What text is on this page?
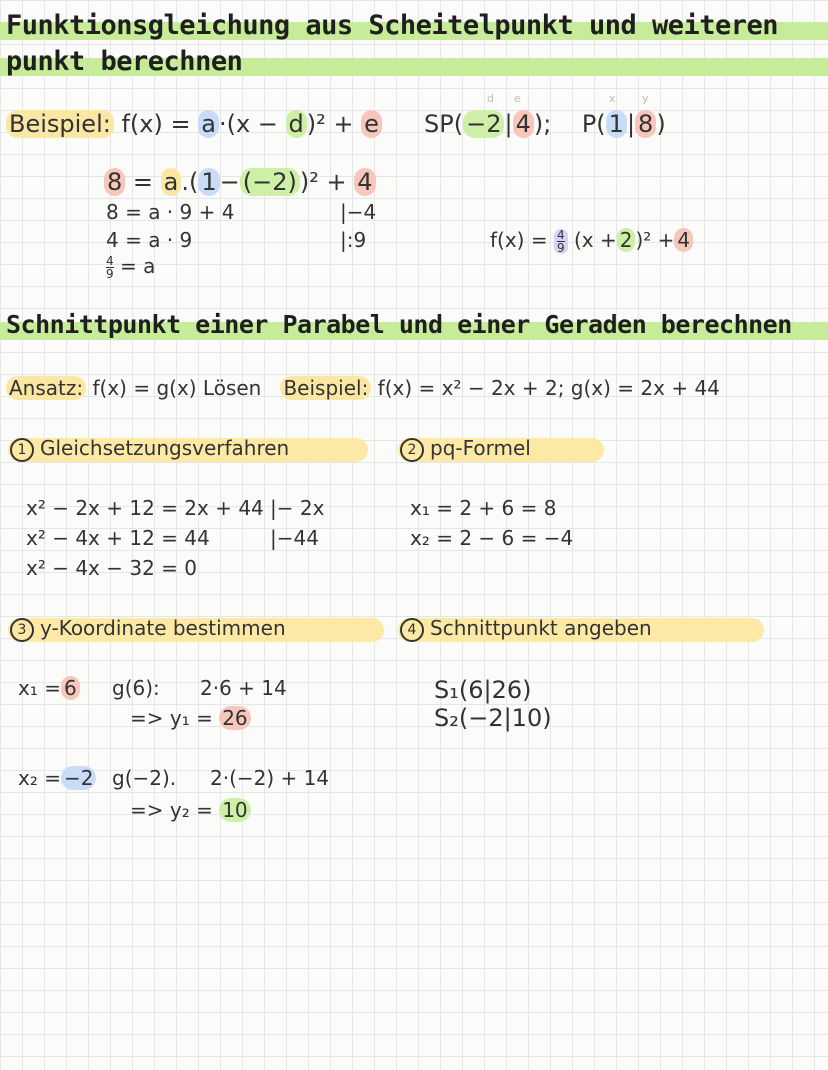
Funktionsgleichung aus Scheitelpunkt und weiteren
punkt berechnen
Beispiel: f(x) = a ·(x − d )² + e
d e	x y
SP( −2 | 4 ); P( 1 | 8 )
8 = a .( 1 − (−2) )² + 4
8 = a · 9 + 4
4 = a · 9
$\frac{4}{9} = a$
|−4
|:9	$f(x) = \frac{4}{9} (x + 2$ )² + 4
Schnittpunkt einer Parabel und einer Geraden berechnen
Ansatz: f(x) = g(x) Lösen Beispiel: f(x) = x² − 2x + 2; g(x) = 2x + 44
1 Gleichsetzungsverfahren	2 pq-Formel
x² − 2x + 12 = 2x + 44
x² − 4x + 12 = 44
x² − 4x − 32 = 0
|− 2x
|−44
x₁ = 2 + 6 = 8
x₂ = 2 − 6 = −4
3 y-Koordinate bestimmen	4 Schnittpunkt angeben
x₁ = 6 g(6): 2·6 + 14
=> y₁ = 26
x₂ = −2 g(−2). 2·(−2) + 14
=> y₂ = 10
S₁(6|26)
S₂(−2|10)
